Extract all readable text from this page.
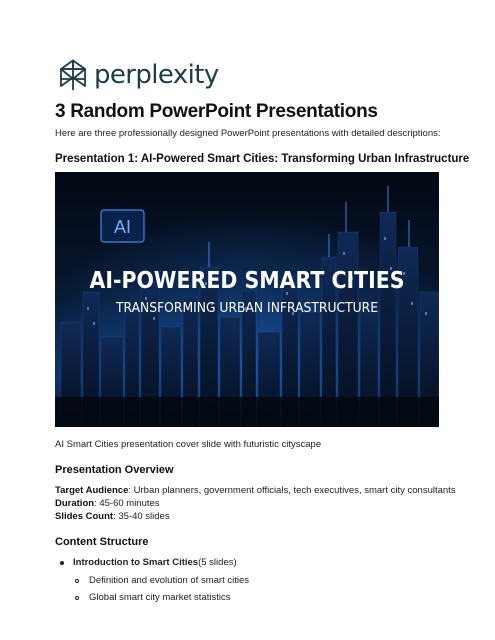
perplexity
3 Random PowerPoint Presentations

Here are three professionally designed PowerPoint presentations with detailed descriptions:

Presentation 1: AI-Powered Smart Cities: Transforming Urban Infrastructure
AI
AI-POWERED SMART CITIES
TRANSFORMING URBAN INFRASTRUCTURE

AI Smart Cities presentation cover slide with futuristic cityscape

Presentation Overview

Target Audience: Urban planners, government officials, tech executives, smart city consultants

Duration: 45-60 minutes

Slides Count: 35-40 slides

Content Structure

Introduction to Smart Cities (5 slides)

Definition and evolution of smart cities

Global smart city market statistics
